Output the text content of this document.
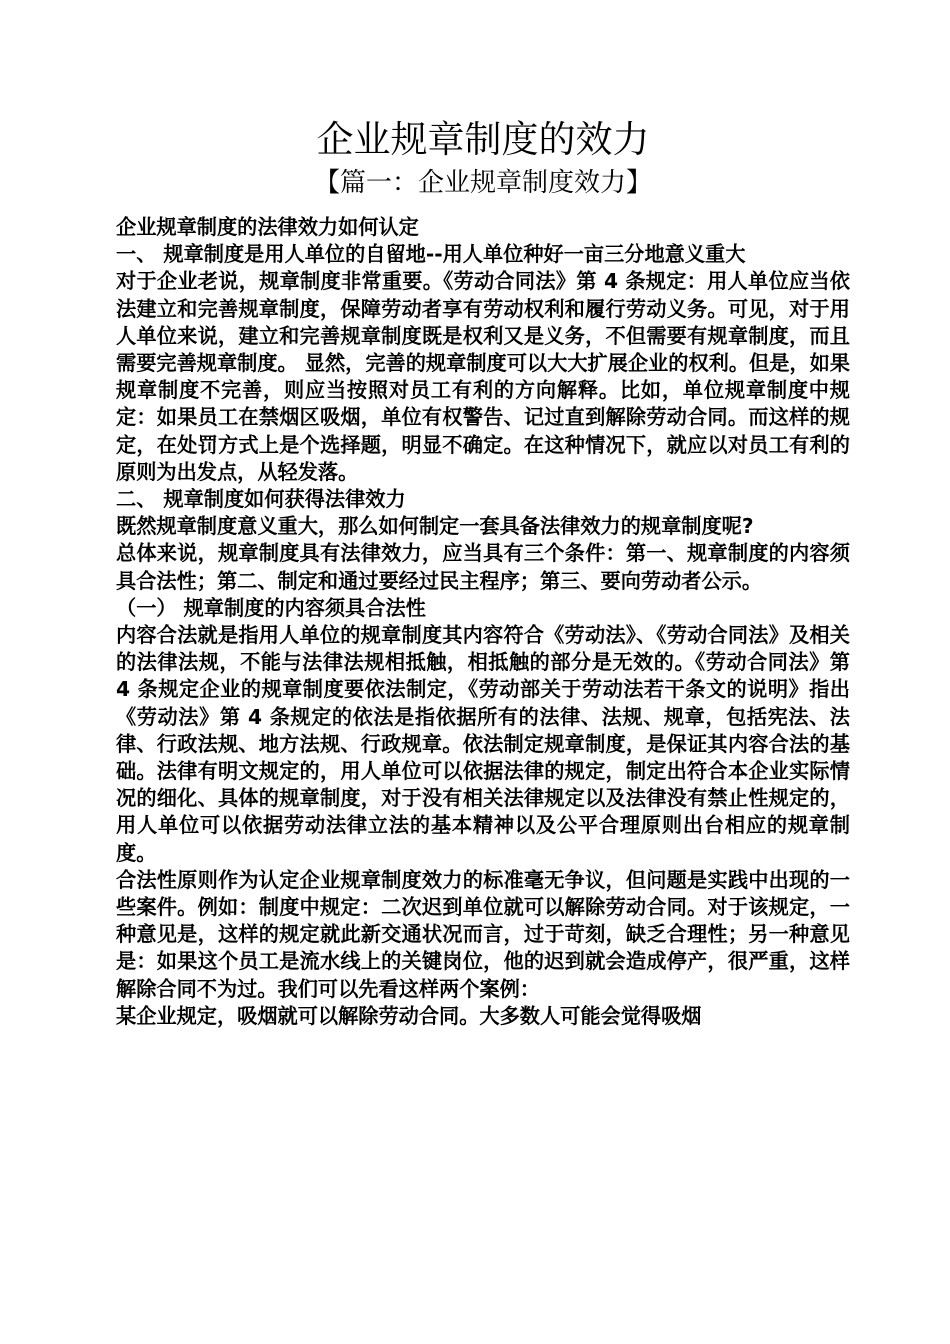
企业规章制度的效力
【篇一：企业规章制度效力】

企业规章制度的法律效力如何认定

一、 规章制度是用人单位的自留地--用人单位种好一亩三分地意义重大

对于企业老说，规章制度非常重要。《劳动合同法》第 4 条规定：用人单位应当依法建立和完善规章制度，保障劳动者享有劳动权利和履行劳动义务。可见，对于用人单位来说，建立和完善规章制度既是权利又是义务，不但需要有规章制度，而且需要完善规章制度。 显然，完善的规章制度可以大大扩展企业的权利。但是，如果规章制度不完善，则应当按照对员工有利的方向解释。比如，单位规章制度中规定：如果员工在禁烟区吸烟，单位有权警告、记过直到解除劳动合同。而这样的规定，在处罚方式上是个选择题，明显不确定。在这种情况下，就应以对员工有利的原则为出发点，从轻发落。

二、 规章制度如何获得法律效力

既然规章制度意义重大，那么如何制定一套具备法律效力的规章制度呢?

总体来说，规章制度具有法律效力，应当具有三个条件：第一、规章制度的内容须具合法性；第二、制定和通过要经过民主程序；第三、要向劳动者公示。

（一） 规章制度的内容须具合法性

内容合法就是指用人单位的规章制度其内容符合《劳动法》、《劳动合同法》及相关的法律法规，不能与法律法规相抵触，相抵触的部分是无效的。《劳动合同法》第 4 条规定企业的规章制度要依法制定，《劳动部关于劳动法若干条文的说明》指出《劳动法》第 4 条规定的依法是指依据所有的法律、法规、规章，包括宪法、法律、行政法规、地方法规、行政规章。依法制定规章制度，是保证其内容合法的基础。法律有明文规定的，用人单位可以依据法律的规定，制定出符合本企业实际情况的细化、具体的规章制度，对于没有相关法律规定以及法律没有禁止性规定的，用人单位可以依据劳动法律立法的基本精神以及公平合理原则出台相应的规章制度。

合法性原则作为认定企业规章制度效力的标准毫无争议，但问题是实践中出现的一些案件。例如：制度中规定：二次迟到单位就可以解除劳动合同。对于该规定，一种意见是，这样的规定就此新交通状况而言，过于苛刻，缺乏合理性；另一种意见是：如果这个员工是流水线上的关键岗位，他的迟到就会造成停产，很严重，这样解除合同不为过。我们可以先看这样两个案例：

某企业规定，吸烟就可以解除劳动合同。大多数人可能会觉得吸烟
